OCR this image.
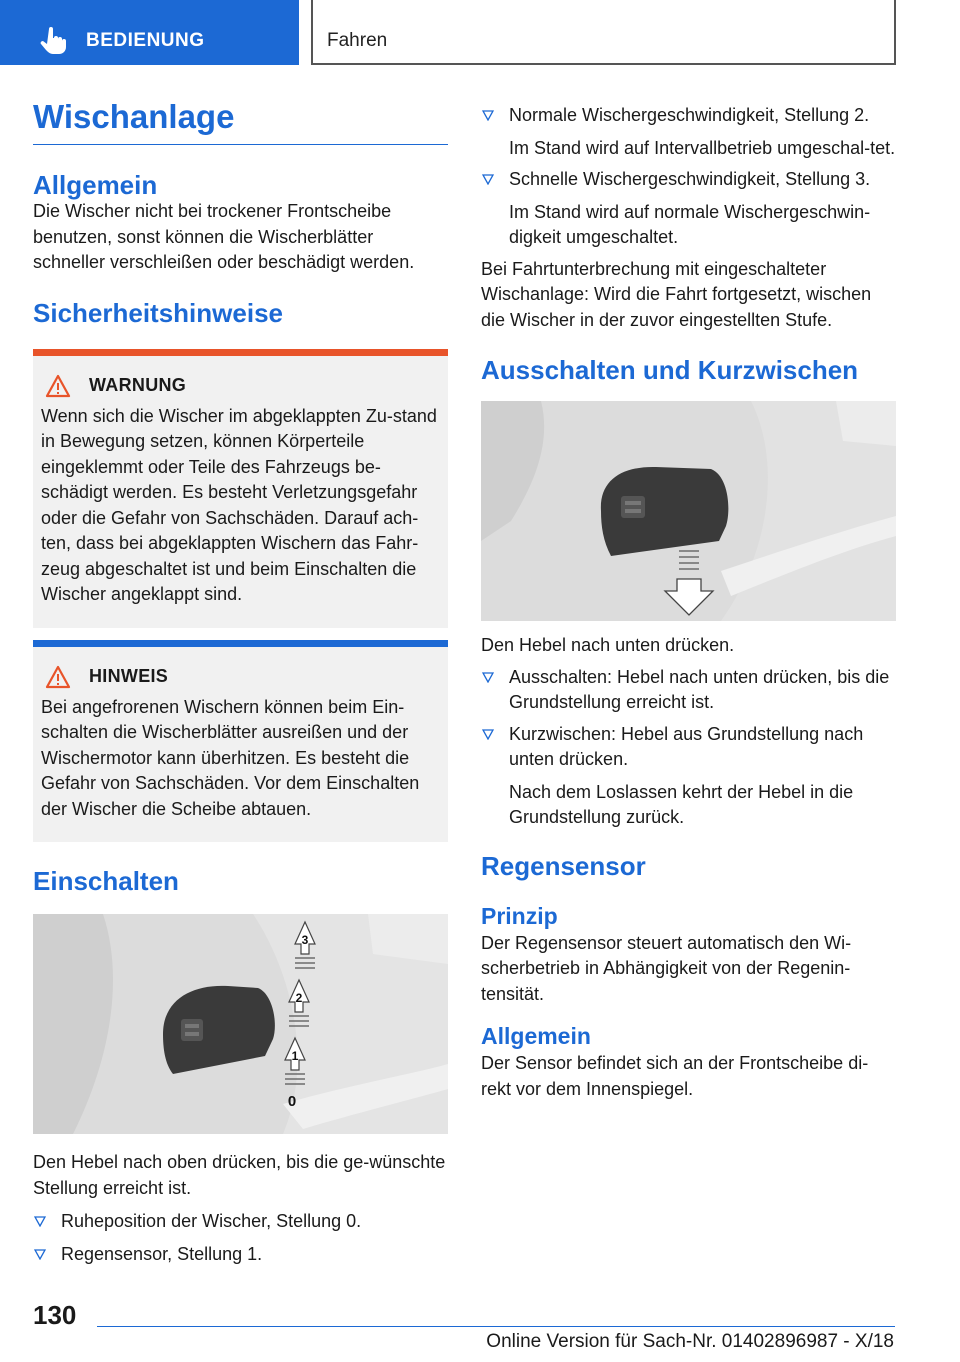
BEDIENUNG	Fahren
Wischanlage
Allgemein

Die Wischer nicht bei trockener Frontscheibe benutzen, sonst können die Wischerblätter schneller verschleißen oder beschädigt werden.

Sicherheitshinweise
WARNUNG

Wenn sich die Wischer im abgeklappten Zu-stand in Bewegung setzen, können Körperteile eingeklemmt oder Teile des Fahrzeugs be-schädigt werden. Es besteht Verletzungsgefahr oder die Gefahr von Sachschäden. Darauf ach-ten, dass bei abgeklappten Wischern das Fahr-zeug abgeschaltet ist und beim Einschalten die Wischer angeklappt sind.

HINWEIS

Bei angefrorenen Wischern können beim Ein-schalten die Wischerblätter ausreißen und der Wischermotor kann überhitzen. Es besteht die Gefahr von Sachschäden. Vor dem Einschalten der Wischer die Scheibe abtauen.

Einschalten
3
2
1
0

Den Hebel nach oben drücken, bis die ge-wünschte Stellung erreicht ist.

Ruheposition der Wischer, Stellung 0.
Regensensor, Stellung 1.
Normale Wischergeschwindigkeit, Stellung 2.
Im Stand wird auf Intervallbetrieb umgeschal-tet.
Schnelle Wischergeschwindigkeit, Stellung 3.
Im Stand wird auf normale Wischergeschwin-digkeit umgeschaltet.

Bei Fahrtunterbrechung mit eingeschalteter Wischanlage: Wird die Fahrt fortgesetzt, wischen die Wischer in der zuvor eingestellten Stufe.

Ausschalten und Kurzwischen

Den Hebel nach unten drücken.

Ausschalten: Hebel nach unten drücken, bis die Grundstellung erreicht ist.
Kurzwischen: Hebel aus Grundstellung nach unten drücken.
Nach dem Loslassen kehrt der Hebel in die Grundstellung zurück.
Regensensor
Prinzip

Der Regensensor steuert automatisch den Wi-scherbetrieb in Abhängigkeit von der Regenin-tensität.

Allgemein

Der Sensor befindet sich an der Frontscheibe di-rekt vor dem Innenspiegel.

130
Online Version für Sach-Nr. 01402896987 - X/18
